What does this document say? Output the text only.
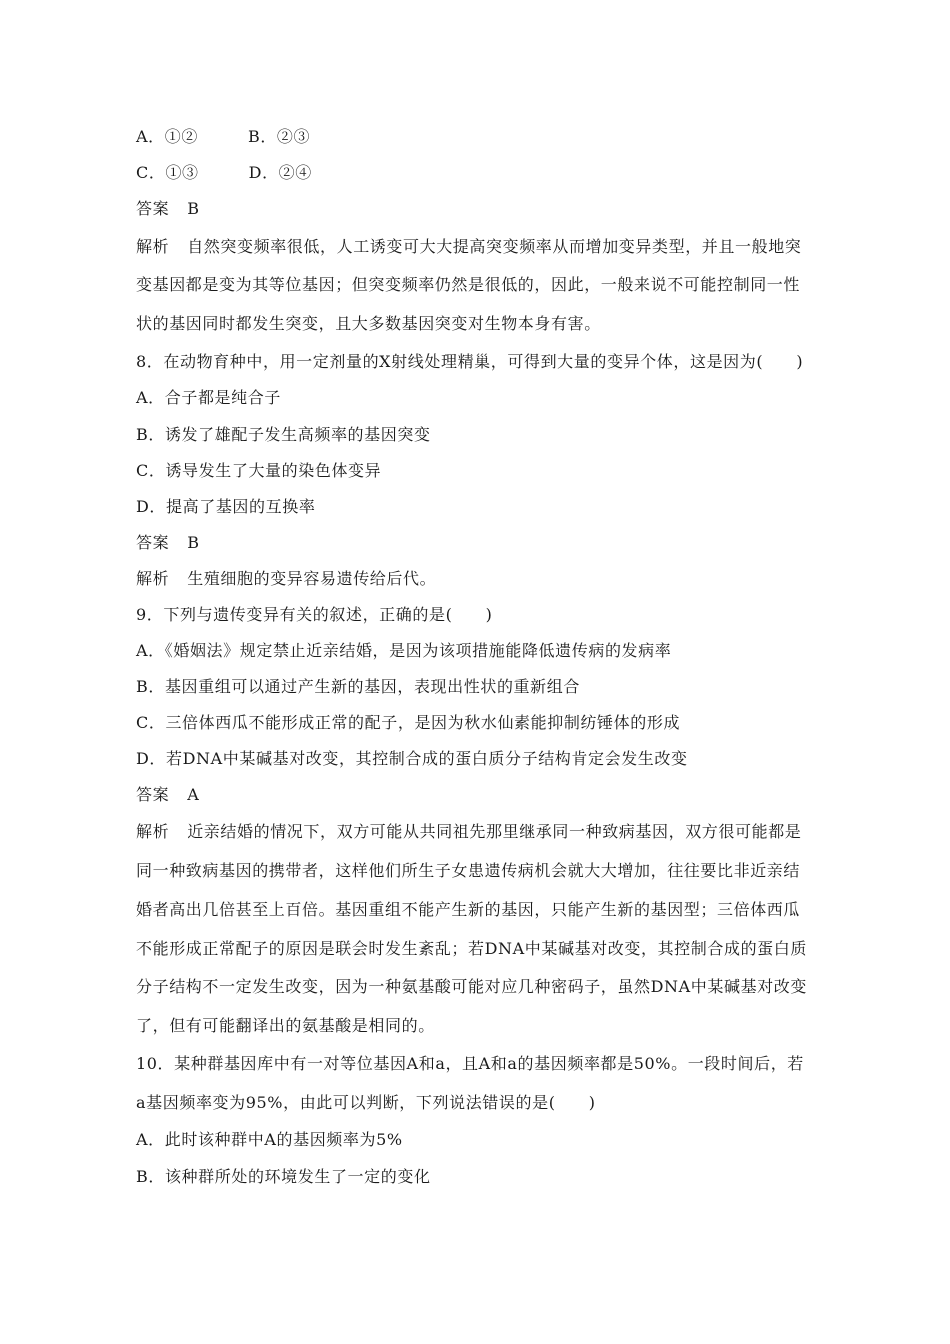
A．①②	B．②③
C．①③	D．②④
答案 B
解析 自然突变频率很低，人工诱变可大大提高突变频率从而增加变异类型，并且一般地突
变基因都是变为其等位基因；但突变频率仍然是很低的，因此，一般来说不可能控制同一性
状的基因同时都发生突变，且大多数基因突变对生物本身有害。
8．在动物育种中，用一定剂量的X射线处理精巢，可得到大量的变异个体，这是因为(　　)
A．合子都是纯合子
B．诱发了雄配子发生高频率的基因突变
C．诱导发生了大量的染色体变异
D．提高了基因的互换率
答案 B
解析 生殖细胞的变异容易遗传给后代。
9．下列与遗传变异有关的叙述，正确的是(　　)
A．《婚姻法》规定禁止近亲结婚，是因为该项措施能降低遗传病的发病率
B．基因重组可以通过产生新的基因，表现出性状的重新组合
C．三倍体西瓜不能形成正常的配子，是因为秋水仙素能抑制纺锤体的形成
D．若DNA中某碱基对改变，其控制合成的蛋白质分子结构肯定会发生改变
答案 A
解析 近亲结婚的情况下，双方可能从共同祖先那里继承同一种致病基因，双方很可能都是
同一种致病基因的携带者，这样他们所生子女患遗传病机会就大大增加，往往要比非近亲结
婚者高出几倍甚至上百倍。基因重组不能产生新的基因，只能产生新的基因型；三倍体西瓜
不能形成正常配子的原因是联会时发生紊乱；若DNA中某碱基对改变，其控制合成的蛋白质
分子结构不一定发生改变，因为一种氨基酸可能对应几种密码子，虽然DNA中某碱基对改变
了，但有可能翻译出的氨基酸是相同的。
10．某种群基因库中有一对等位基因A和a，且A和a的基因频率都是50%。一段时间后，若
a基因频率变为95%，由此可以判断，下列说法错误的是(　　)
A．此时该种群中A的基因频率为5%
B．该种群所处的环境发生了一定的变化
